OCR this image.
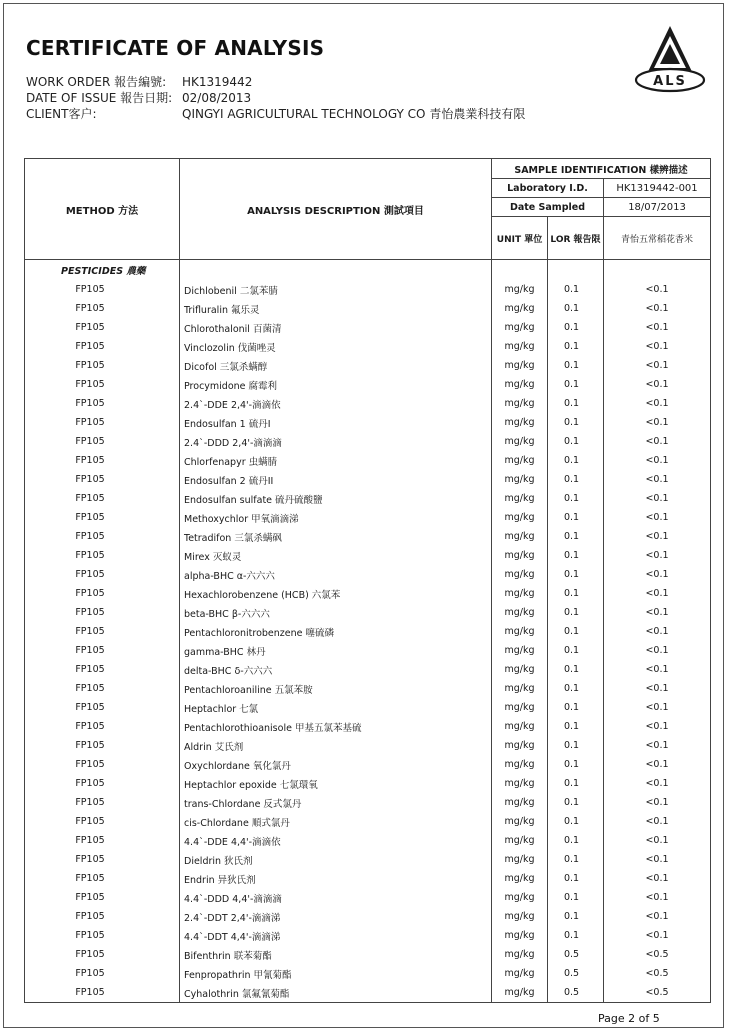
CERTIFICATE OF ANALYSIS
WORK ORDER 報告編號: HK1319442
DATE OF ISSUE 報告日期: 02/08/2013
CLIENT客户:	QINGYI AGRICULTURAL TECHNOLOGY CO 青怡農業科技有限
ALS
METHOD 方法	ANALYSIS DESCRIPTION 測試項目	SAMPLE IDENTIFICATION 樣辨描述		
		Laboratory I.D.		HK1319442-001
		Date Sampled		18/07/2013
		UNIT 單位	LOR 報告限	青怡五常稻花香米

PESTICIDES 農藥				

FP105	Dichlobenil 二氯苯腈	mg/kg	0.1	<0.1
FP105	Trifluralin 氟乐灵	mg/kg	0.1	<0.1
FP105	Chlorothalonil 百菌清	mg/kg	0.1	<0.1
FP105	Vinclozolin 伐菌唑灵	mg/kg	0.1	<0.1
FP105	Dicofol 三氯杀螨醇	mg/kg	0.1	<0.1
FP105	Procymidone 腐霉利	mg/kg	0.1	<0.1
FP105	2.4`-DDE 2,4'-滴滴依	mg/kg	0.1	<0.1
FP105	Endosulfan 1 硫丹I	mg/kg	0.1	<0.1
FP105	2.4`-DDD 2,4'-滴滴滴	mg/kg	0.1	<0.1
FP105	Chlorfenapyr 虫螨腈	mg/kg	0.1	<0.1
FP105	Endosulfan 2 硫丹II	mg/kg	0.1	<0.1
FP105	Endosulfan sulfate 硫丹硫酸鹽	mg/kg	0.1	<0.1
FP105	Methoxychlor 甲氧滴滴涕	mg/kg	0.1	<0.1
FP105	Tetradifon 三氯杀螨砜	mg/kg	0.1	<0.1
FP105	Mirex 灭蚁灵	mg/kg	0.1	<0.1
FP105	alpha-BHC α-六六六	mg/kg	0.1	<0.1
FP105	Hexachlorobenzene (HCB) 六氯苯	mg/kg	0.1	<0.1
FP105	beta-BHC β-六六六	mg/kg	0.1	<0.1
FP105	Pentachloronitrobenzene 噻硫磷	mg/kg	0.1	<0.1
FP105	gamma-BHC 林丹	mg/kg	0.1	<0.1
FP105	delta-BHC δ-六六六	mg/kg	0.1	<0.1
FP105	Pentachloroaniline 五氯苯胺	mg/kg	0.1	<0.1
FP105	Heptachlor 七氯	mg/kg	0.1	<0.1
FP105	Pentachlorothioanisole 甲基五氯苯基硫	mg/kg	0.1	<0.1
FP105	Aldrin 艾氏剂	mg/kg	0.1	<0.1
FP105	Oxychlordane 氧化氯丹	mg/kg	0.1	<0.1
FP105	Heptachlor epoxide 七氯環氧	mg/kg	0.1	<0.1
FP105	trans-Chlordane 反式氯丹	mg/kg	0.1	<0.1
FP105	cis-Chlordane 順式氯丹	mg/kg	0.1	<0.1
FP105	4.4`-DDE 4,4'-滴滴依	mg/kg	0.1	<0.1
FP105	Dieldrin 狄氏剂	mg/kg	0.1	<0.1
FP105	Endrin 异狄氏剂	mg/kg	0.1	<0.1
FP105	4.4`-DDD 4,4'-滴滴滴	mg/kg	0.1	<0.1
FP105	2.4`-DDT 2,4'-滴滴涕	mg/kg	0.1	<0.1
FP105	4.4`-DDT 4,4'-滴滴涕	mg/kg	0.1	<0.1
FP105	Bifenthrin 联苯菊酯	mg/kg	0.5	<0.5
FP105	Fenpropathrin 甲氰菊酯	mg/kg	0.5	<0.5
FP105	Cyhalothrin 氯氟氰菊酯	mg/kg	0.5	<0.5
Page 2 of 5
